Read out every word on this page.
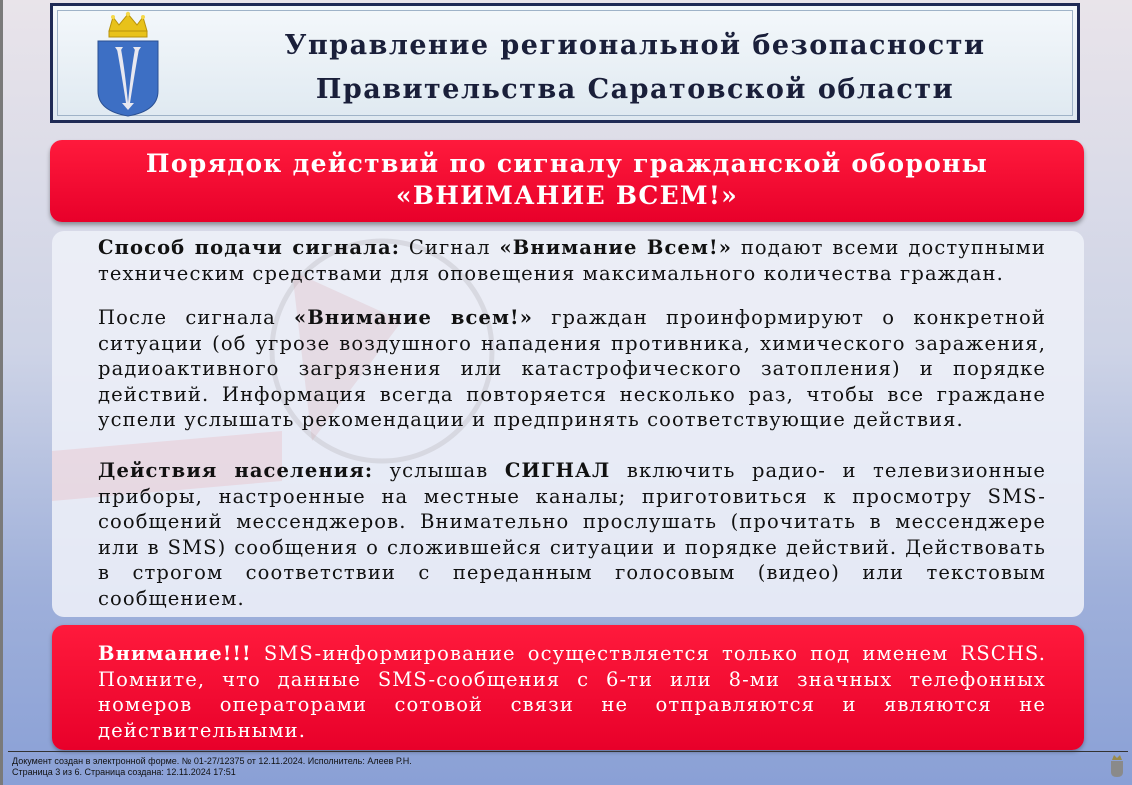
Управление региональной безопасности
Правительства Саратовской области
Порядок действий по сигналу гражданской обороны
«ВНИМАНИЕ ВСЕМ!»
Способ подачи сигнала: Сигнал «Внимание Всем!» подают всеми доступными техническим средствами для оповещения максимального количества граждан.
После сигнала «Внимание всем!» граждан проинформируют о конкретной ситуации (об угрозе воздушного нападения противника, химического заражения, радиоактивного загрязнения или катастрофического затопления) и порядке действий. Информация всегда повторяется несколько раз, чтобы все граждане успели услышать рекомендации и предпринять соответствующие действия.
Действия населения: услышав СИГНАЛ включить радио- и телевизионные приборы, настроенные на местные каналы; приготовиться к просмотру SMS-сообщений мессенджеров. Внимательно прослушать (прочитать в мессенджере или в SMS) сообщения о сложившейся ситуации и порядке действий. Действовать в строгом соответствии с переданным голосовым (видео) или текстовым сообщением.
Внимание!!! SMS-информирование осуществляется только под именем RSCHS. Помните, что данные SMS-сообщения с 6-ти или 8-ми значных телефонных номеров операторами сотовой связи не отправляются и являются не действительными.
Документ создан в электронной форме. № 01-27/12375 от 12.11.2024. Исполнитель: Алеев Р.Н.
Страница 3 из 6. Страница создана: 12.11.2024 17:51
